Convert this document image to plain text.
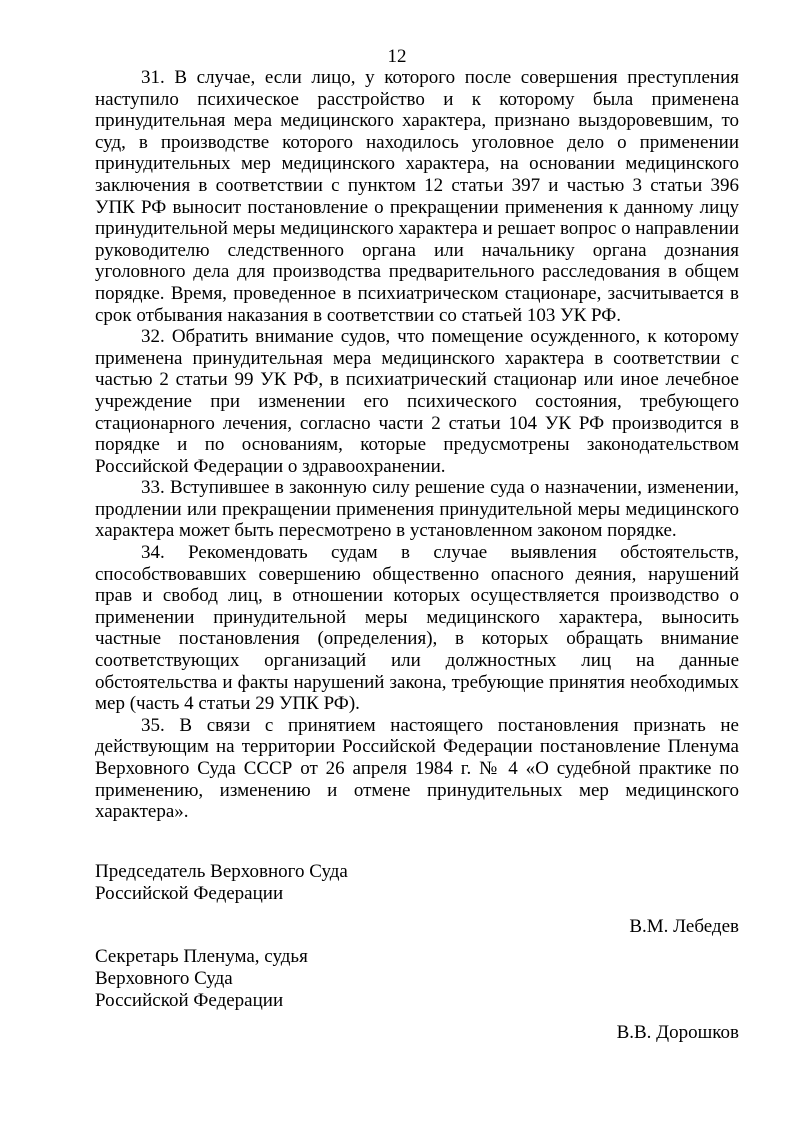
12

31. В случае, если лицо, у которого после совершения преступления наступило психическое расстройство и к которому была применена принудительная мера медицинского характера, признано выздоровевшим, то суд, в производстве которого находилось уголовное дело о применении принудительных мер медицинского характера, на основании медицинского заключения в соответствии с пунктом 12 статьи 397 и частью 3 статьи 396 УПК РФ выносит постановление о прекращении применения к данному лицу принудительной меры медицинского характера и решает вопрос о направлении руководителю следственного органа или начальнику органа дознания уголовного дела для производства предварительного расследования в общем порядке. Время, проведенное в психиатрическом стационаре, засчитывается в срок отбывания наказания в соответствии со статьей 103 УК РФ.

32. Обратить внимание судов, что помещение осужденного, к которому применена принудительная мера медицинского характера в соответствии с частью 2 статьи 99 УК РФ, в психиатрический стационар или иное лечебное учреждение при изменении его психического состояния, требующего стационарного лечения, согласно части 2 статьи 104 УК РФ производится в порядке и по основаниям, которые предусмотрены законодательством Российской Федерации о здравоохранении.

33. Вступившее в законную силу решение суда о назначении, изменении, продлении или прекращении применения принудительной меры медицинского характера может быть пересмотрено в установленном законом порядке.

34. Рекомендовать судам в случае выявления обстоятельств, способствовавших совершению общественно опасного деяния, нарушений прав и свобод лиц, в отношении которых осуществляется производство о применении принудительной меры медицинского характера, выносить частные постановления (определения), в которых обращать внимание соответствующих организаций или должностных лиц на данные обстоятельства и факты нарушений закона, требующие принятия необходимых мер (часть 4 статьи 29 УПК РФ).

35. В связи с принятием настоящего постановления признать не действующим на территории Российской Федерации постановление Пленума Верховного Суда СССР от 26 апреля 1984 г. № 4 «О судебной практике по применению, изменению и отмене принудительных мер медицинского характера».

Председатель Верховного Суда
Российской Федерации
В.М. Лебедев
Секретарь Пленума, судья
Верховного Суда
Российской Федерации
В.В. Дорошков
